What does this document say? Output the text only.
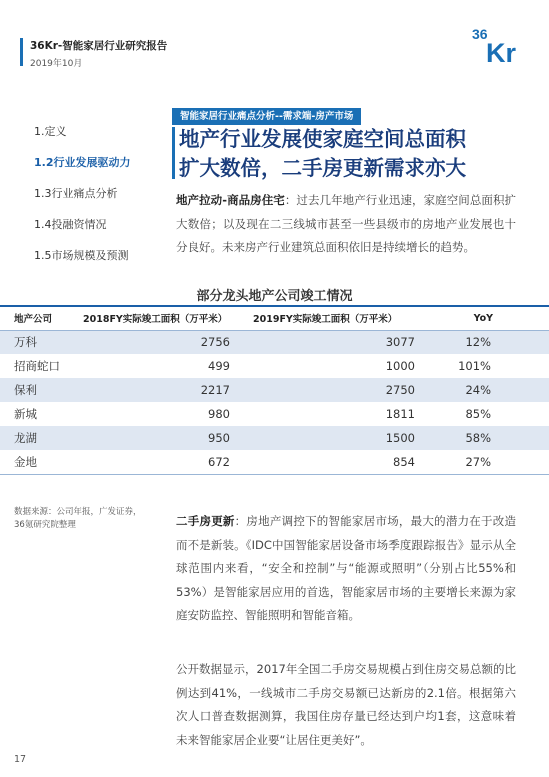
36Kr-智能家居行业研究报告
2019年10月
36
Kr
1.定义
1.2行业发展驱动力
1.3行业痛点分析
1.4投融资情况
1.5市场规模及预测
智能家居行业痛点分析--需求端-房产市场
地产行业发展使家庭空间总面积
扩大数倍，二手房更新需求亦大

地产拉动-商品房住宅：过去几年地产行业迅速，家庭空间总面积扩大数倍；以及现在二三线城市甚至一些县级市的房地产业发展也十分良好。未来房产行业建筑总面积依旧是持续增长的趋势。

部分龙头地产公司竣工情况
地产公司	2018FY实际竣工面积（万平米）	2019FY实际竣工面积（万平米）	YoY
万科	2756	3077	12%
招商蛇口	499	1000	101%
保利	2217	2750	24%
新城	980	1811	85%
龙湖	950	1500	58%
金地	672	854	27%
数据来源：公司年报，广发证券，
36氪研究院整理	二手房更新：房地产调控下的智能家居市场，最大的潜力在于改造而不是新装。《IDC中国智能家居设备市场季度跟踪报告》显示从全球范围内来看，“安全和控制”与“能源或照明”（分别占比55%和53%）是智能家居应用的首选，智能家居市场的主要增长来源为家庭安防监控、智能照明和智能音箱。

公开数据显示，2017年全国二手房交易规模占到住房交易总额的比例达到41%，一线城市二手房交易额已达新房的2.1倍。根据第六次人口普查数据测算，我国住房存量已经达到户均1套，这意味着未来智能家居企业要“让居住更美好”。

17
